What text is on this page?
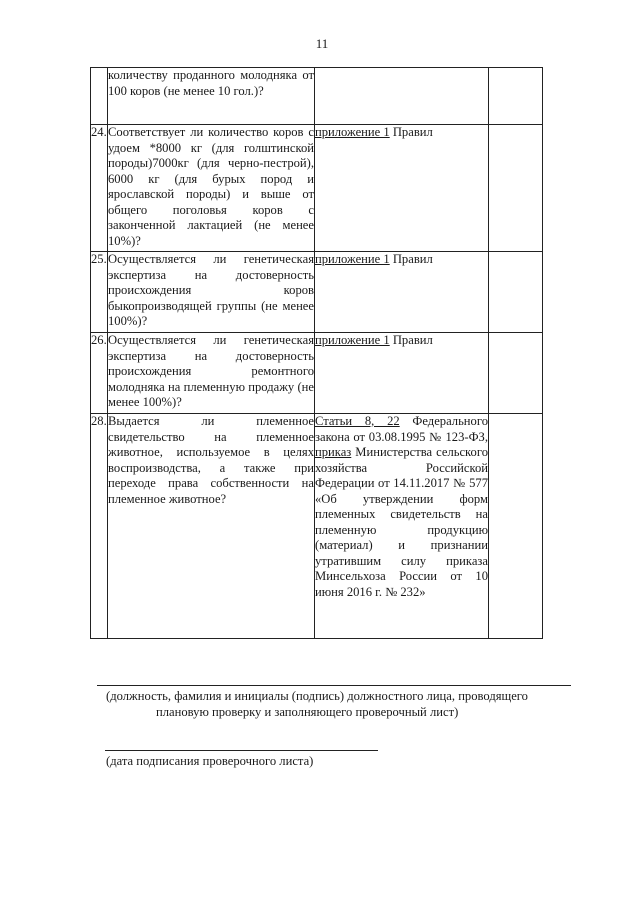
11
	количеству проданного молодняка от 100 коров (не менее 10 гол.)?		
24.	Соответствует ли количество коров с удоем *8000 кг (для голштинской породы)7000кг (для черно-пестрой), 6000 кг (для бурых пород и ярославской породы) и выше от общего поголовья коров с законченной лактацией (не менее 10%)?	приложение 1 Правил	
25.	Осуществляется ли генетическая экспертиза на достоверность происхождения коров быкопроизводящей группы (не менее 100%)?	приложение 1 Правил	
26.	Осуществляется ли генетическая экспертиза на достоверность происхождения ремонтного молодняка на племенную продажу (не менее 100%)?	приложение 1 Правил	
28.	Выдается ли племенное свидетельство на племенное животное, используемое в целях воспроизводства, а также при переходе права собственности на племенное животное?	Статьи 8, 22 Федерального закона от 03.08.1995 № 123-ФЗ, приказ Министерства сельского хозяйства Российской Федерации от 14.11.2017 № 577 «Об утверждении форм племенных свидетельств на племенную продукцию (материал) и признании утратившим силу приказа Минсельхоза России от 10 июня 2016 г. № 232»	
(должность, фамилия и инициалы (подпись) должностного лица, проводящего
плановую проверку и заполняющего проверочный лист)
(дата подписания проверочного листа)
